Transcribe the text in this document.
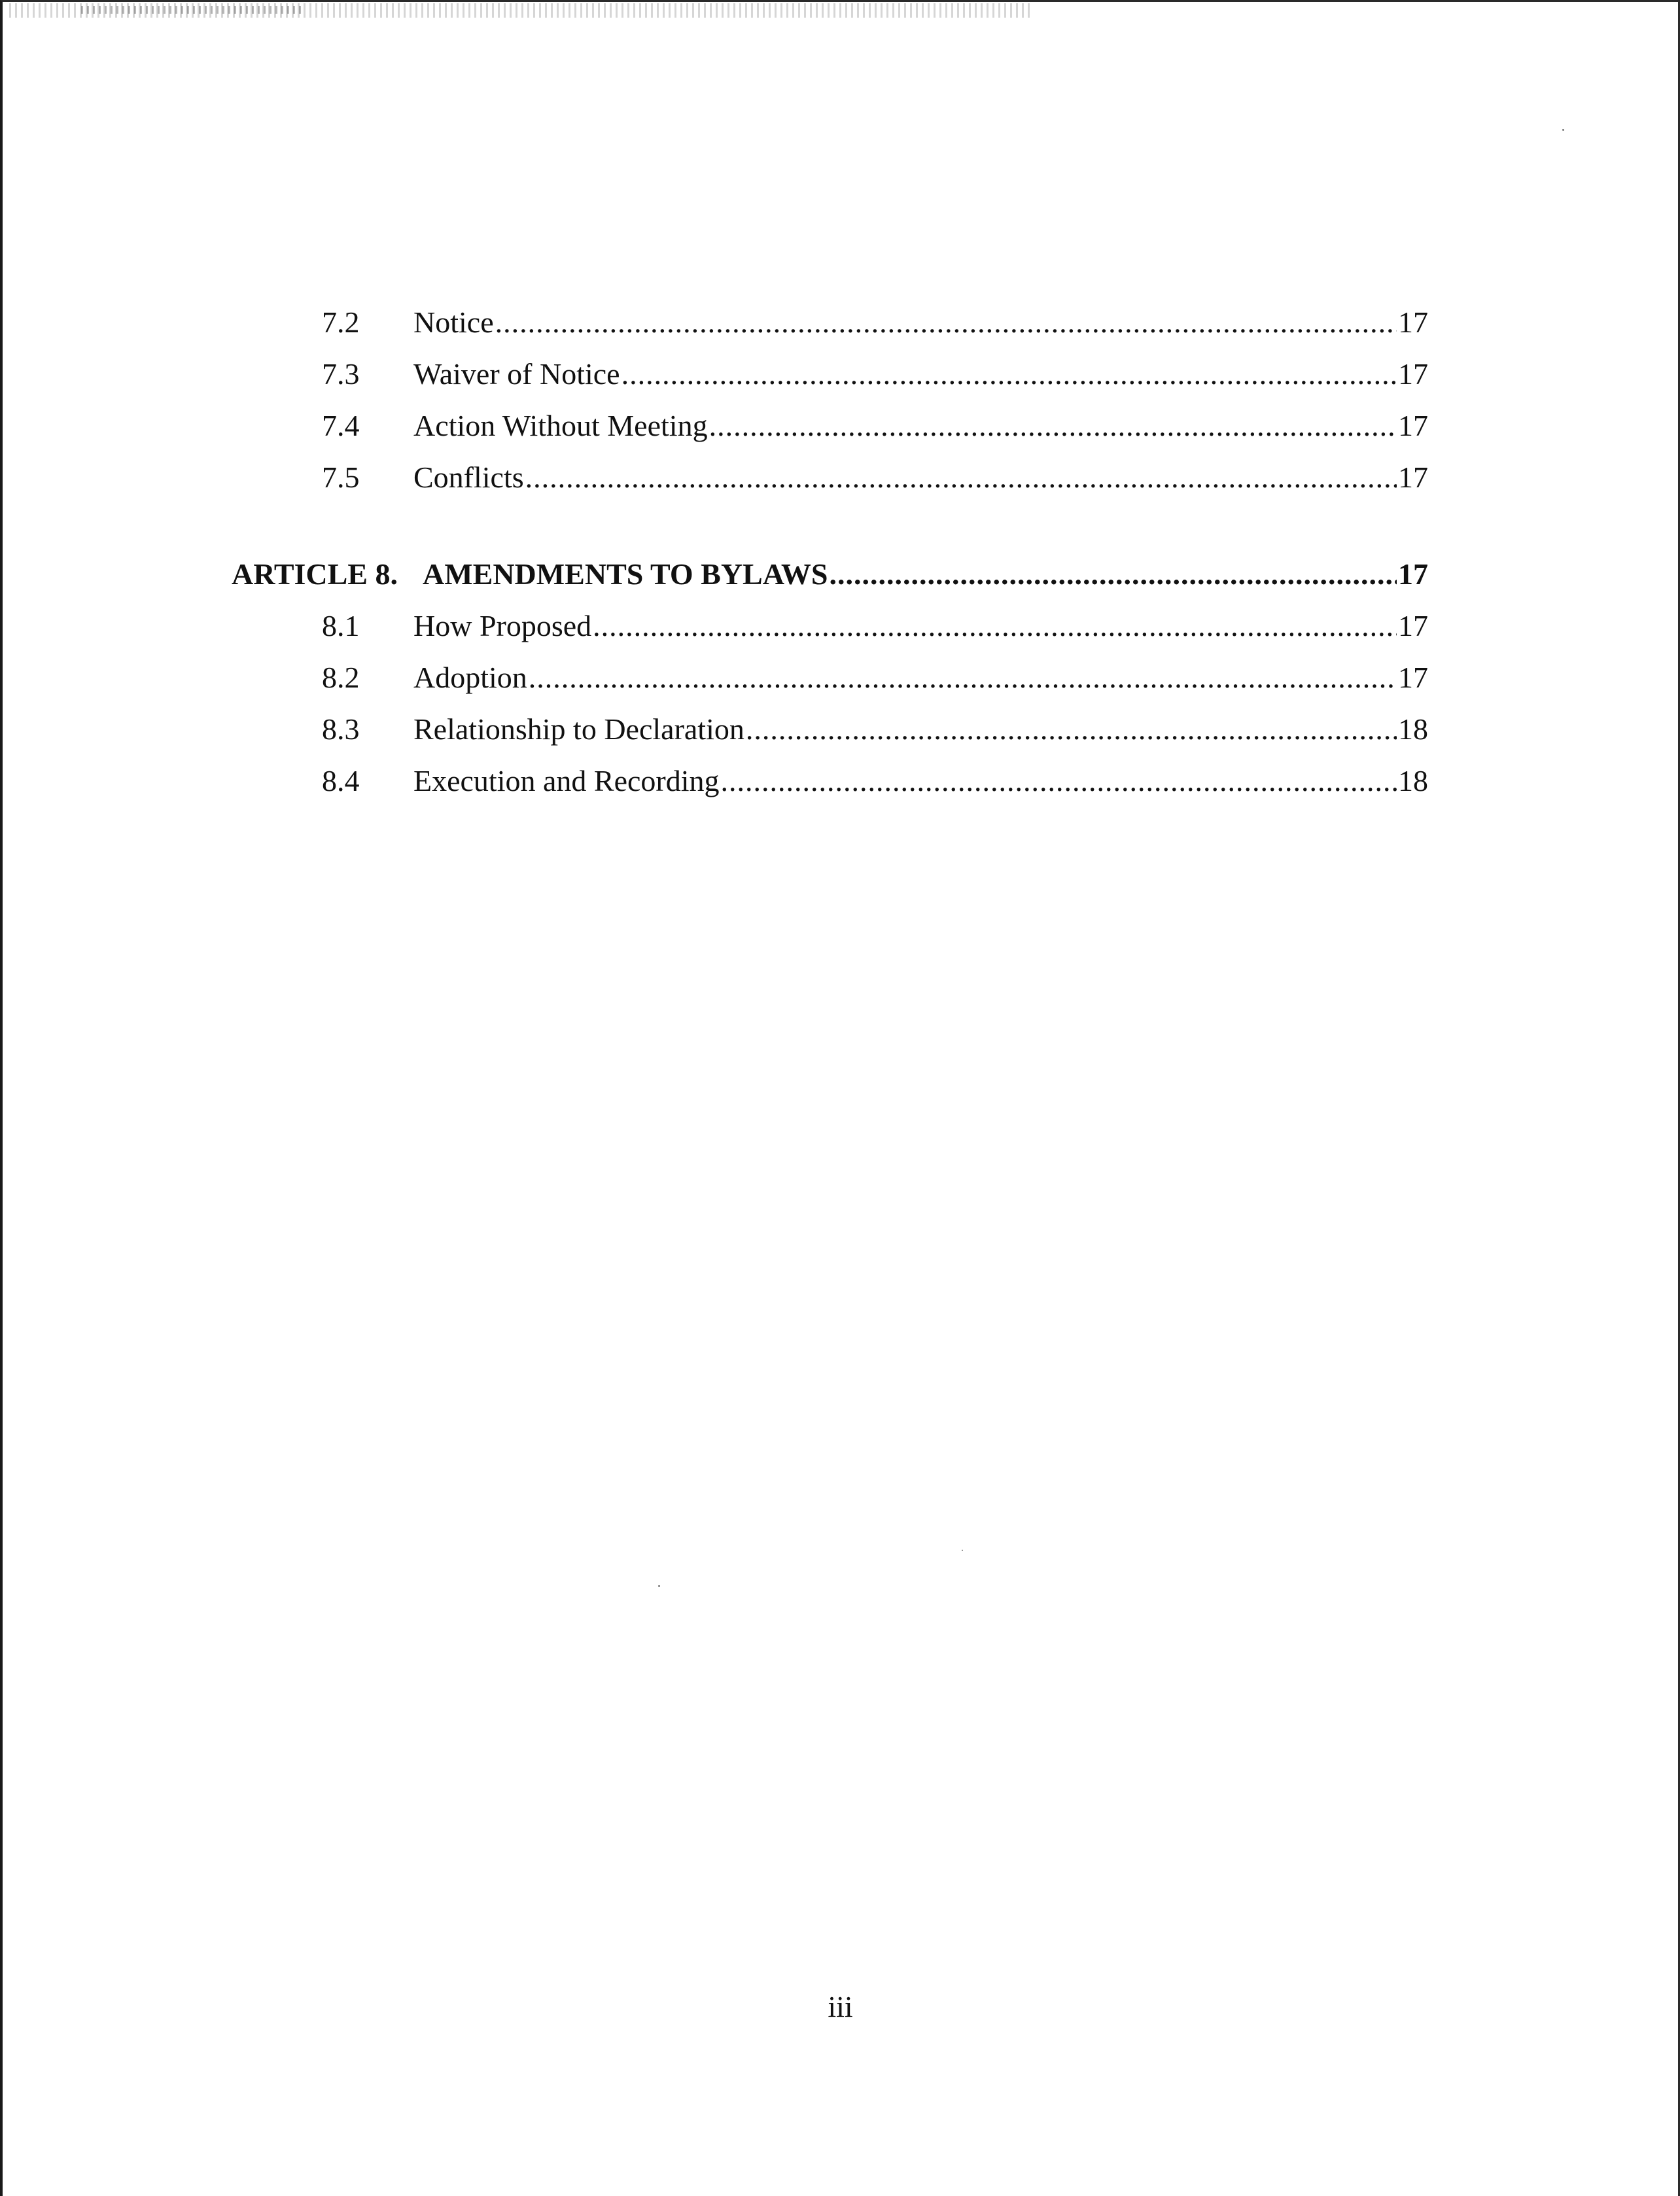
7.2 Notice .....	17
7.3 Waiver of Notice .....	17
7.4 Action Without Meeting .....	17
7.5 Conflicts .....	17
ARTICLE 8. AMENDMENTS TO BYLAWS .....	17
8.1 How Proposed .....	17
8.2 Adoption .....	17
8.3 Relationship to Declaration .....	18
8.4 Execution and Recording .....	18
iii
